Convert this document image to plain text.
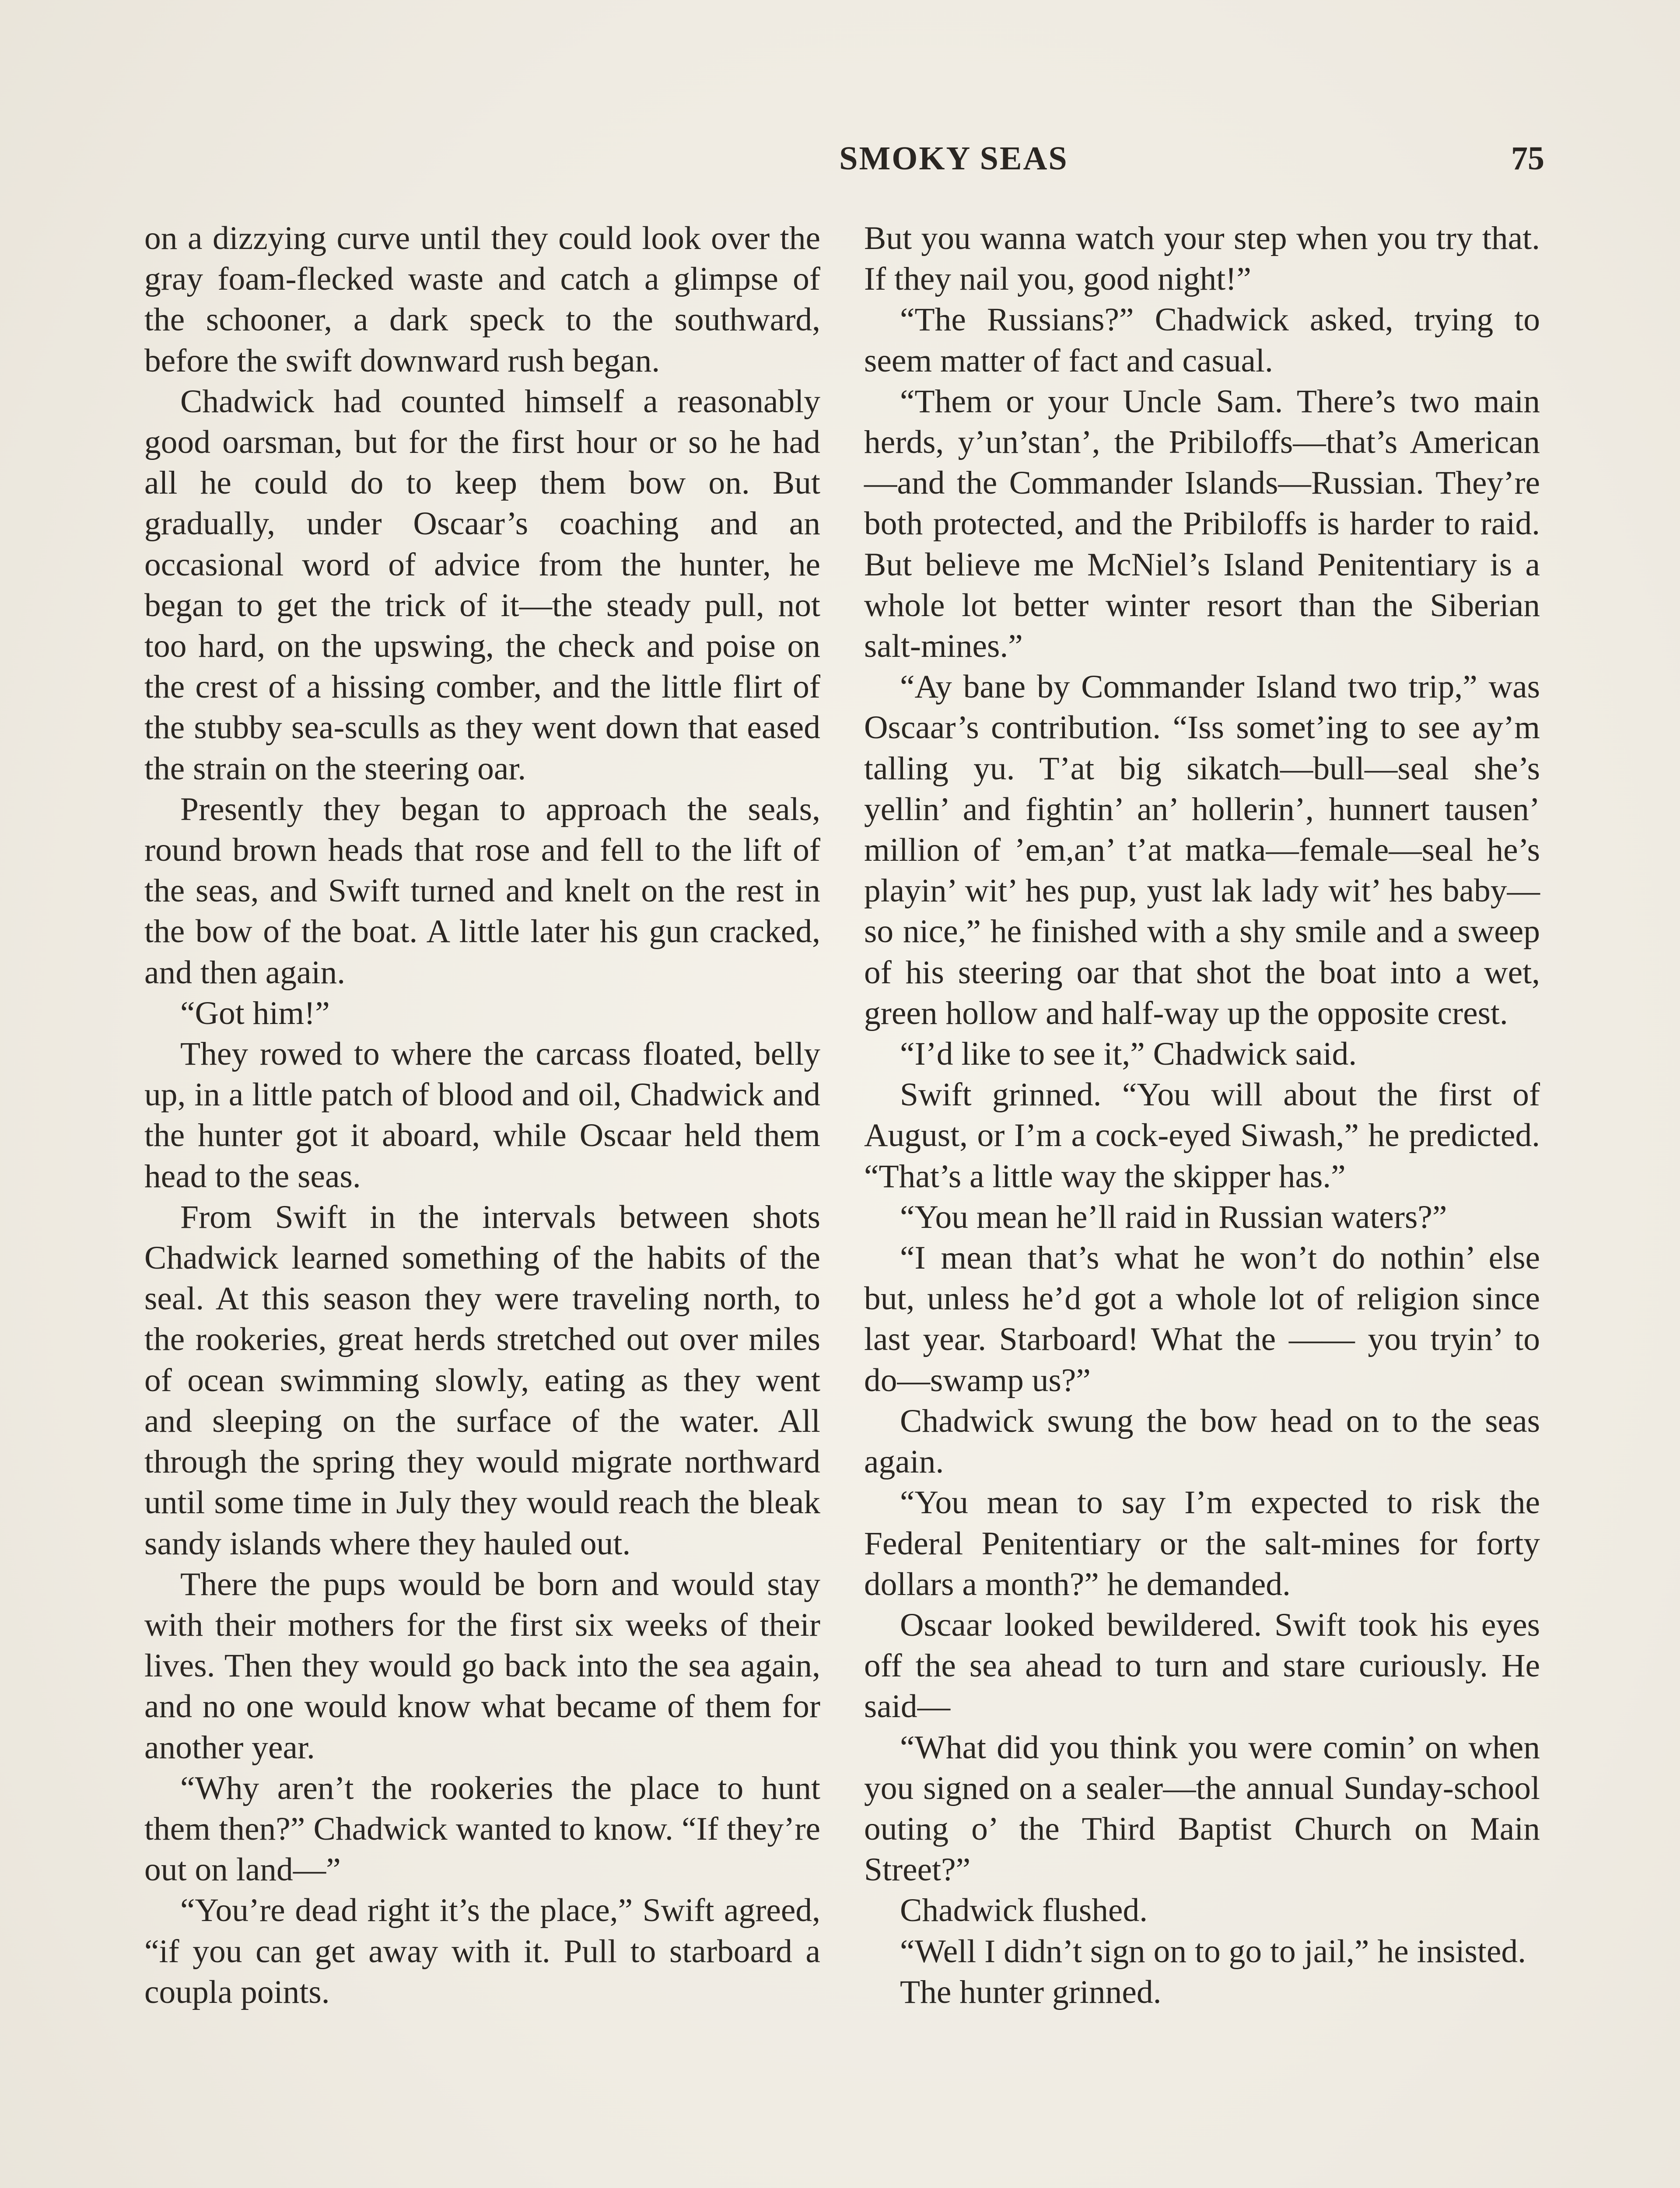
SMOKY SEAS	75

on a dizzying curve until they could look over the gray foam-flecked waste and catch a glimpse of the schooner, a dark speck to the southward, before the swift downward rush began.

Chadwick had counted himself a reasonably good oarsman, but for the first hour or so he had all he could do to keep them bow on. But gradually, under Oscaar’s coaching and an occasional word of advice from the hunter, he began to get the trick of it—the steady pull, not too hard, on the upswing, the check and poise on the crest of a hissing comber, and the little flirt of the stubby sea-sculls as they went down that eased the strain on the steering oar.

Presently they began to approach the seals, round brown heads that rose and fell to the lift of the seas, and Swift turned and knelt on the rest in the bow of the boat. A little later his gun cracked, and then again.

“Got him!”

They rowed to where the carcass floated, belly up, in a little patch of blood and oil, Chadwick and the hunter got it aboard, while Oscaar held them head to the seas.

From Swift in the intervals between shots Chadwick learned something of the habits of the seal. At this season they were traveling north, to the rookeries, great herds stretched out over miles of ocean swimming slowly, eating as they went and sleeping on the surface of the water. All through the spring they would migrate northward until some time in July they would reach the bleak sandy islands where they hauled out.

There the pups would be born and would stay with their mothers for the first six weeks of their lives. Then they would go back into the sea again, and no one would know what became of them for another year.

“Why aren’t the rookeries the place to hunt them then?” Chadwick wanted to know. “If they’re out on land—”

“You’re dead right it’s the place,” Swift agreed, “if you can get away with it. Pull to starboard a coupla points.

But you wanna watch your step when you try that. If they nail you, good night!”

“The Russians?” Chadwick asked, trying to seem matter of fact and casual.

“Them or your Uncle Sam. There’s two main herds, y’un’stan’, the Pribiloffs—that’s American—and the Commander Islands—Russian. They’re both protected, and the Pribiloffs is harder to raid. But believe me McNiel’s Island Penitentiary is a whole lot better winter resort than the Siberian salt-mines.”

“Ay bane by Commander Island two trip,” was Oscaar’s contribution. “Iss somet’ing to see ay’m talling yu. T’at big sikatch—bull—seal she’s yellin’ and fightin’ an’ hollerin’, hunnert tausen’ million of ’em,an’ t’at matka—female—seal he’s playin’ wit’ hes pup, yust lak lady wit’ hes baby—so nice,” he finished with a shy smile and a sweep of his steering oar that shot the boat into a wet, green hollow and half-way up the opposite crest.

“I’d like to see it,” Chadwick said.

Swift grinned. “You will about the first of August, or I’m a cock-eyed Siwash,” he predicted. “That’s a little way the skipper has.”

“You mean he’ll raid in Russian waters?”

“I mean that’s what he won’t do nothin’ else but, unless he’d got a whole lot of religion since last year. Starboard! What the —— you tryin’ to do—swamp us?”

Chadwick swung the bow head on to the seas again.

“You mean to say I’m expected to risk the Federal Penitentiary or the salt-mines for forty dollars a month?” he demanded.

Oscaar looked bewildered. Swift took his eyes off the sea ahead to turn and stare curiously. He said—

“What did you think you were comin’ on when you signed on a sealer—the annual Sunday-school outing o’ the Third Baptist Church on Main Street?”

Chadwick flushed.

“Well I didn’t sign on to go to jail,” he insisted.

The hunter grinned.
